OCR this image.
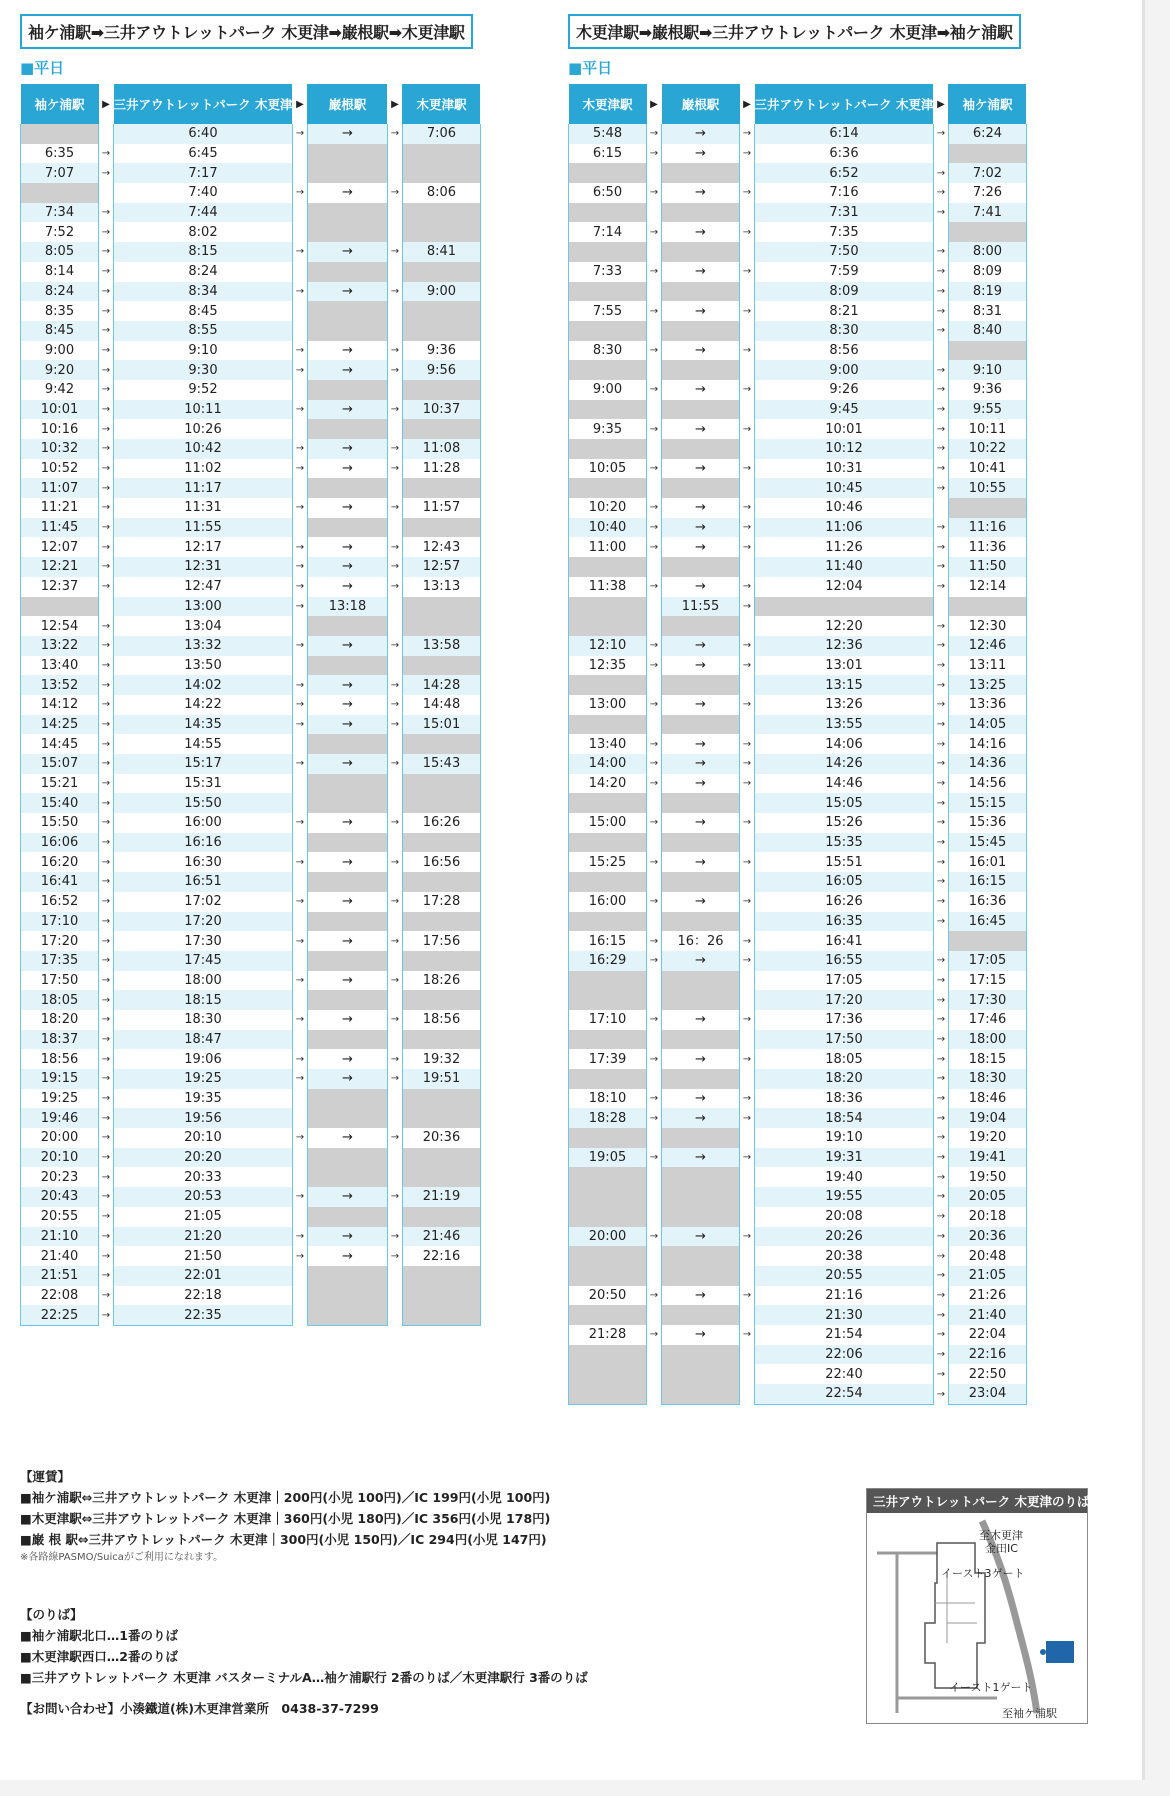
袖ケ浦駅➡三井アウトレットパーク 木更津➡巌根駅➡木更津駅
■平日
袖ケ浦駅	▶	三井アウトレットパーク 木更津	▶	巌根駅	▶	木更津駅
		6:40	→	→	→	7:06
6:35	→	6:45				
7:07	→	7:17				
		7:40	→	→	→	8:06
7:34	→	7:44				
7:52	→	8:02				
8:05	→	8:15	→	→	→	8:41
8:14	→	8:24				
8:24	→	8:34	→	→	→	9:00
8:35	→	8:45				
8:45	→	8:55				
9:00	→	9:10	→	→	→	9:36
9:20	→	9:30	→	→	→	9:56
9:42	→	9:52				
10:01	→	10:11	→	→	→	10:37
10:16	→	10:26				
10:32	→	10:42	→	→	→	11:08
10:52	→	11:02	→	→	→	11:28
11:07	→	11:17				
11:21	→	11:31	→	→	→	11:57
11:45	→	11:55				
12:07	→	12:17	→	→	→	12:43
12:21	→	12:31	→	→	→	12:57
12:37	→	12:47	→	→	→	13:13
		13:00	→	13:18		
12:54	→	13:04				
13:22	→	13:32	→	→	→	13:58
13:40	→	13:50				
13:52	→	14:02	→	→	→	14:28
14:12	→	14:22	→	→	→	14:48
14:25	→	14:35	→	→	→	15:01
14:45	→	14:55				
15:07	→	15:17	→	→	→	15:43
15:21	→	15:31				
15:40	→	15:50				
15:50	→	16:00	→	→	→	16:26
16:06	→	16:16				
16:20	→	16:30	→	→	→	16:56
16:41	→	16:51				
16:52	→	17:02	→	→	→	17:28
17:10	→	17:20				
17:20	→	17:30	→	→	→	17:56
17:35	→	17:45				
17:50	→	18:00	→	→	→	18:26
18:05	→	18:15				
18:20	→	18:30	→	→	→	18:56
18:37	→	18:47				
18:56	→	19:06	→	→	→	19:32
19:15	→	19:25	→	→	→	19:51
19:25	→	19:35				
19:46	→	19:56				
20:00	→	20:10	→	→	→	20:36
20:10	→	20:20				
20:23	→	20:33				
20:43	→	20:53	→	→	→	21:19
20:55	→	21:05				
21:10	→	21:20	→	→	→	21:46
21:40	→	21:50	→	→	→	22:16
21:51	→	22:01				
22:08	→	22:18				
22:25	→	22:35				
木更津駅➡巌根駅➡三井アウトレットパーク 木更津➡袖ケ浦駅
■平日
木更津駅	▶	巌根駅	▶	三井アウトレットパーク 木更津	▶	袖ケ浦駅
5:48	→	→	→	6:14	→	6:24
6:15	→	→	→	6:36		
				6:52	→	7:02
6:50	→	→	→	7:16	→	7:26
				7:31	→	7:41
7:14	→	→	→	7:35		
				7:50	→	8:00
7:33	→	→	→	7:59	→	8:09
				8:09	→	8:19
7:55	→	→	→	8:21	→	8:31
				8:30	→	8:40
8:30	→	→	→	8:56		
				9:00	→	9:10
9:00	→	→	→	9:26	→	9:36
				9:45	→	9:55
9:35	→	→	→	10:01	→	10:11
				10:12	→	10:22
10:05	→	→	→	10:31	→	10:41
				10:45	→	10:55
10:20	→	→	→	10:46		
10:40	→	→	→	11:06	→	11:16
11:00	→	→	→	11:26	→	11:36
				11:40	→	11:50
11:38	→	→	→	12:04	→	12:14
		11:55	→			
				12:20	→	12:30
12:10	→	→	→	12:36	→	12:46
12:35	→	→	→	13:01	→	13:11
				13:15	→	13:25
13:00	→	→	→	13:26	→	13:36
				13:55	→	14:05
13:40	→	→	→	14:06	→	14:16
14:00	→	→	→	14:26	→	14:36
14:20	→	→	→	14:46	→	14:56
				15:05	→	15:15
15:00	→	→	→	15:26	→	15:36
				15:35	→	15:45
15:25	→	→	→	15:51	→	16:01
				16:05	→	16:15
16:00	→	→	→	16:26	→	16:36
				16:35	→	16:45
16:15	→	16：26	→	16:41		
16:29	→	→	→	16:55	→	17:05
				17:05	→	17:15
				17:20	→	17:30
17:10	→	→	→	17:36	→	17:46
				17:50	→	18:00
17:39	→	→	→	18:05	→	18:15
				18:20	→	18:30
18:10	→	→	→	18:36	→	18:46
18:28	→	→	→	18:54	→	19:04
				19:10	→	19:20
19:05	→	→	→	19:31	→	19:41
				19:40	→	19:50
				19:55	→	20:05
				20:08	→	20:18
20:00	→	→	→	20:26	→	20:36
				20:38	→	20:48
				20:55	→	21:05
20:50	→	→	→	21:16	→	21:26
				21:30	→	21:40
21:28	→	→	→	21:54	→	22:04
				22:06	→	22:16
				22:40	→	22:50
				22:54	→	23:04
【運賃】
■袖ケ浦駅⇔三井アウトレットパーク 木更津｜200円(小児 100円)／IC 199円(小児 100円)
■木更津駅⇔三井アウトレットパーク 木更津｜360円(小児 180円)／IC 356円(小児 178円)
■巌 根 駅⇔三井アウトレットパーク 木更津｜300円(小児 150円)／IC 294円(小児 147円)
※各路線PASMO/Suicaがご利用になれます。
【のりば】
■袖ケ浦駅北口…1番のりば
■木更津駅西口…2番のりば
■三井アウトレットパーク 木更津 バスターミナルA…袖ケ浦駅行 2番のりば／木更津駅行 3番のりば
【お問い合わせ】小湊鐵道(株)木更津営業所　0438-37-7299
三井アウトレットパーク 木更津のりば
至木更津
金田IC
イースト3ゲート
イースト1ゲート
A
至袖ケ浦駅
